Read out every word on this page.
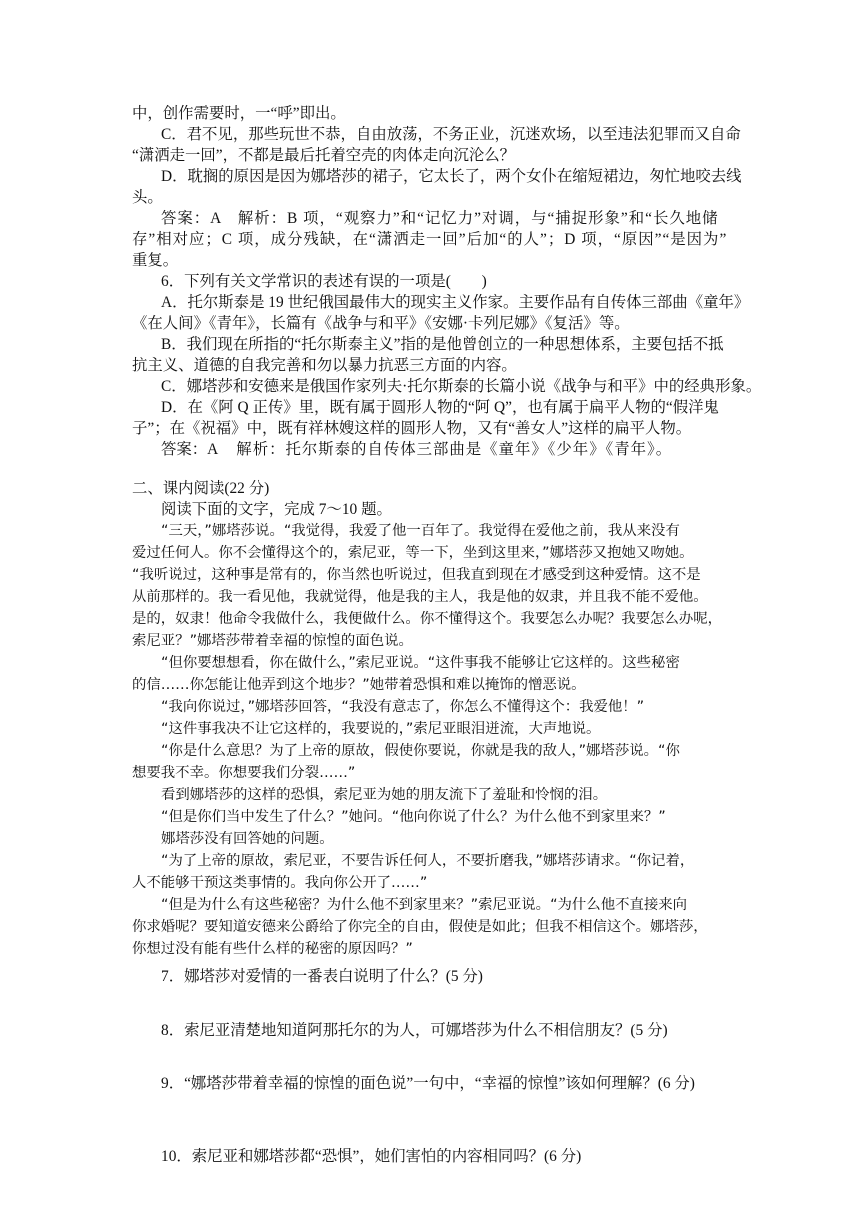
中，创作需要时，一“呼”即出。
C．君不见，那些玩世不恭，自由放荡，不务正业，沉迷欢场，以至违法犯罪而又自命
“潇洒走一回”，不都是最后托着空壳的肉体走向沉沦么？
D．耽搁的原因是因为娜塔莎的裙子，它太长了，两个女仆在缩短裙边，匆忙地咬去线
头。
答案：A　解析：B 项，“观察力”和“记忆力”对调，与“捕捉形象”和“长久地储
存”相对应；C 项，成分残缺，在“潇洒走一回”后加“的人”；D 项，“原因”“是因为”
重复。
6．下列有关文学常识的表述有误的一项是(　　)
A．托尔斯泰是 19 世纪俄国最伟大的现实主义作家。主要作品有自传体三部曲《童年》
《在人间》《青年》，长篇有《战争与和平》《安娜·卡列尼娜》《复活》等。
B．我们现在所指的“托尔斯泰主义”指的是他曾创立的一种思想体系，主要包括不抵
抗主义、道德的自我完善和勿以暴力抗恶三方面的内容。
C．娜塔莎和安德来是俄国作家列夫·托尔斯泰的长篇小说《战争与和平》中的经典形象。
D．在《阿 Q 正传》里，既有属于圆形人物的“阿 Q”，也有属于扁平人物的“假洋鬼
子”；在《祝福》中，既有祥林嫂这样的圆形人物，又有“善女人”这样的扁平人物。
答案：A 解析：托尔斯泰的自传体三部曲是《童年》《少年》《青年》。
二、课内阅读(22 分)
阅读下面的文字，完成 7～10 题。
“三天，”娜塔莎说。“我觉得，我爱了他一百年了。我觉得在爱他之前，我从来没有
爱过任何人。你不会懂得这个的，索尼亚，等一下，坐到这里来，”娜塔莎又抱她又吻她。
“我听说过，这种事是常有的，你当然也听说过，但我直到现在才感受到这种爱情。这不是
从前那样的。我一看见他，我就觉得，他是我的主人，我是他的奴隶，并且我不能不爱他。
是的，奴隶！他命令我做什么，我便做什么。你不懂得这个。我要怎么办呢？我要怎么办呢，
索尼亚？”娜塔莎带着幸福的惊惶的面色说。
“但你要想想看，你在做什么，”索尼亚说。“这件事我不能够让它这样的。这些秘密
的信……你怎能让他弄到这个地步？”她带着恐惧和难以掩饰的憎恶说。
“我向你说过，”娜塔莎回答，“我没有意志了，你怎么不懂得这个：我爱他！”
“这件事我决不让它这样的，我要说的，”索尼亚眼泪迸流，大声地说。
“你是什么意思？为了上帝的原故，假使你要说，你就是我的敌人，”娜塔莎说。“你
想要我不幸。你想要我们分裂……”
看到娜塔莎的这样的恐惧，索尼亚为她的朋友流下了羞耻和怜悯的泪。
“但是你们当中发生了什么？”她问。“他向你说了什么？为什么他不到家里来？”
娜塔莎没有回答她的问题。
“为了上帝的原故，索尼亚，不要告诉任何人，不要折磨我，”娜塔莎请求。“你记着，
人不能够干预这类事情的。我向你公开了……”
“但是为什么有这些秘密？为什么他不到家里来？”索尼亚说。“为什么他不直接来向
你求婚呢？要知道安德来公爵给了你完全的自由，假使是如此；但我不相信这个。娜塔莎，
你想过没有能有些什么样的秘密的原因吗？”
7．娜塔莎对爱情的一番表白说明了什么？(5 分)
8．索尼亚清楚地知道阿那托尔的为人，可娜塔莎为什么不相信朋友？(5 分)
9．“娜塔莎带着幸福的惊惶的面色说”一句中，“幸福的惊惶”该如何理解？(6 分)
10．索尼亚和娜塔莎都“恐惧”，她们害怕的内容相同吗？(6 分)
